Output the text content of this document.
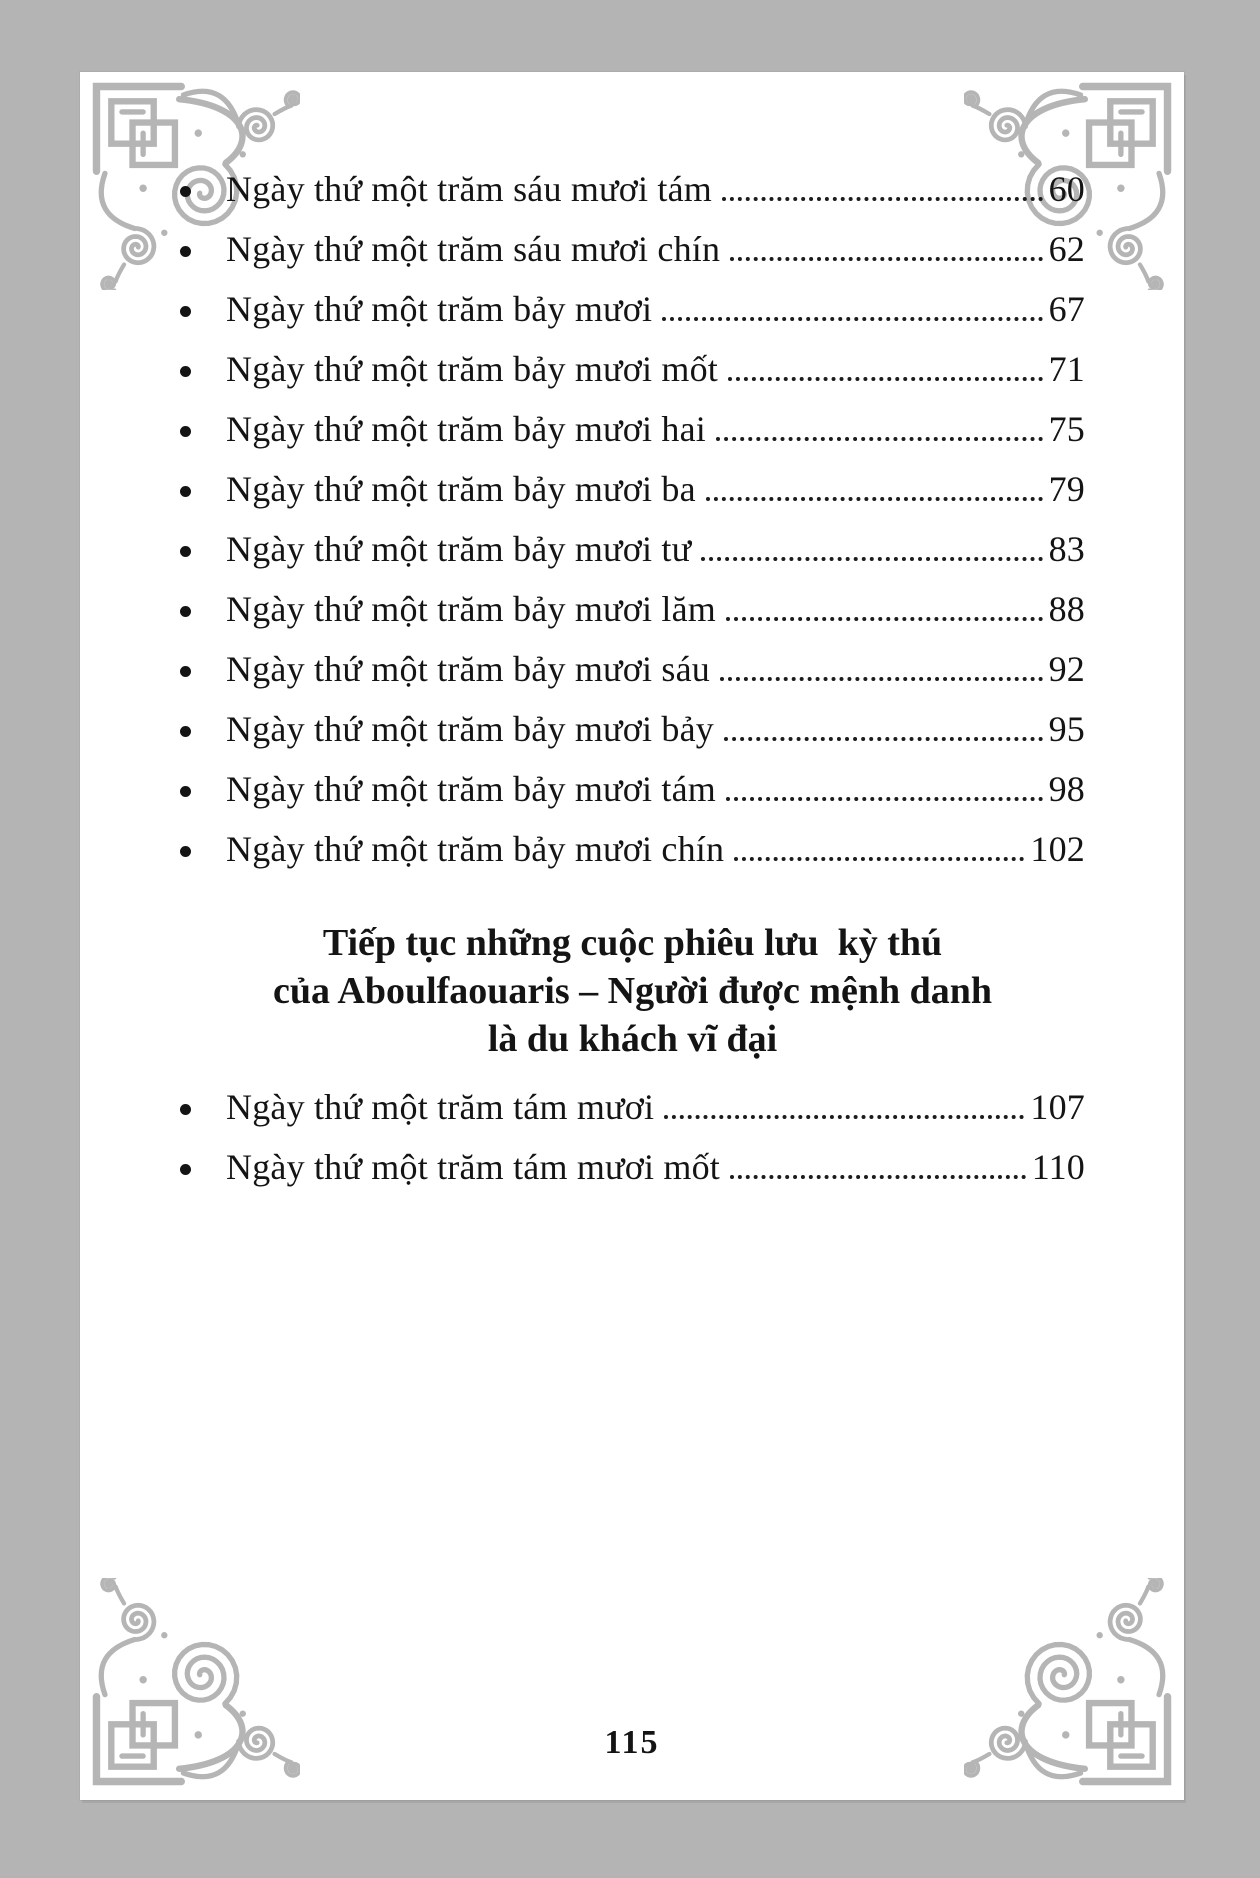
Ngày thứ một trăm sáu mươi tám	60
Ngày thứ một trăm sáu mươi chín	62
Ngày thứ một trăm bảy mươi	67
Ngày thứ một trăm bảy mươi mốt	71
Ngày thứ một trăm bảy mươi hai	75
Ngày thứ một trăm bảy mươi ba	79
Ngày thứ một trăm bảy mươi tư	83
Ngày thứ một trăm bảy mươi lăm	88
Ngày thứ một trăm bảy mươi sáu	92
Ngày thứ một trăm bảy mươi bảy	95
Ngày thứ một trăm bảy mươi tám	98
Ngày thứ một trăm bảy mươi chín	102
Tiếp tục những cuộc phiêu lưu  kỳ thú
của Aboulfaouaris – Người được mệnh danh
là du khách vĩ đại
Ngày thứ một trăm tám mươi	107
Ngày thứ một trăm tám mươi mốt	110
115
